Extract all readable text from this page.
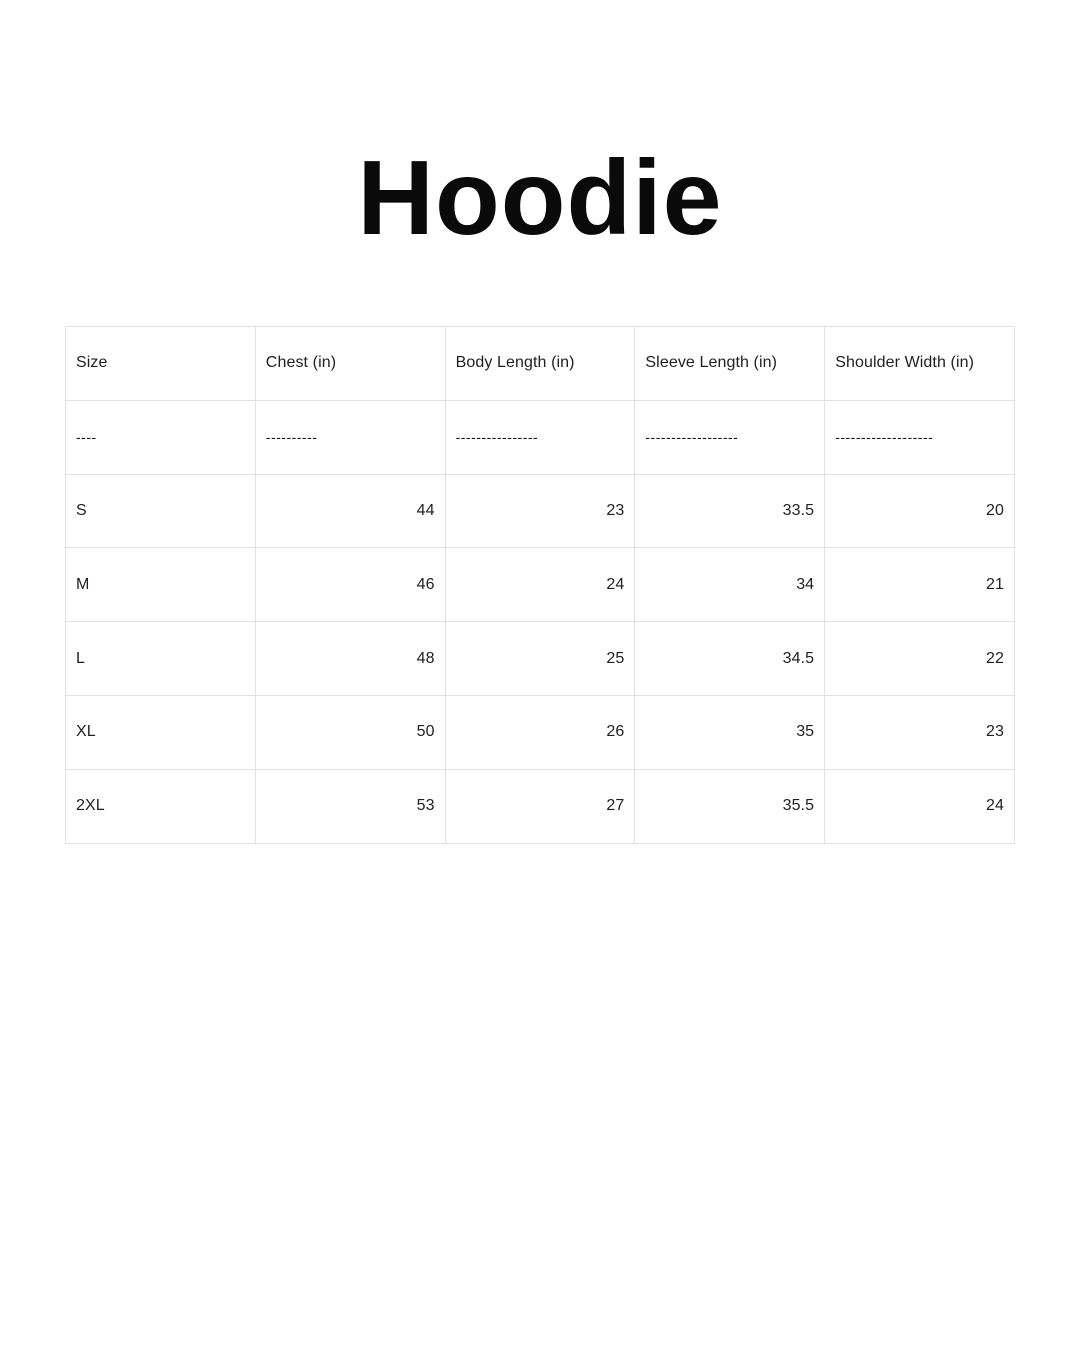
Hoodie
Size	Chest (in)	Body Length (in)	Sleeve Length (in)	Shoulder Width (in)
----	----------	----------------	------------------	-------------------
S	44	23	33.5	20
M	46	24	34	21
L	48	25	34.5	22
XL	50	26	35	23
2XL	53	27	35.5	24
